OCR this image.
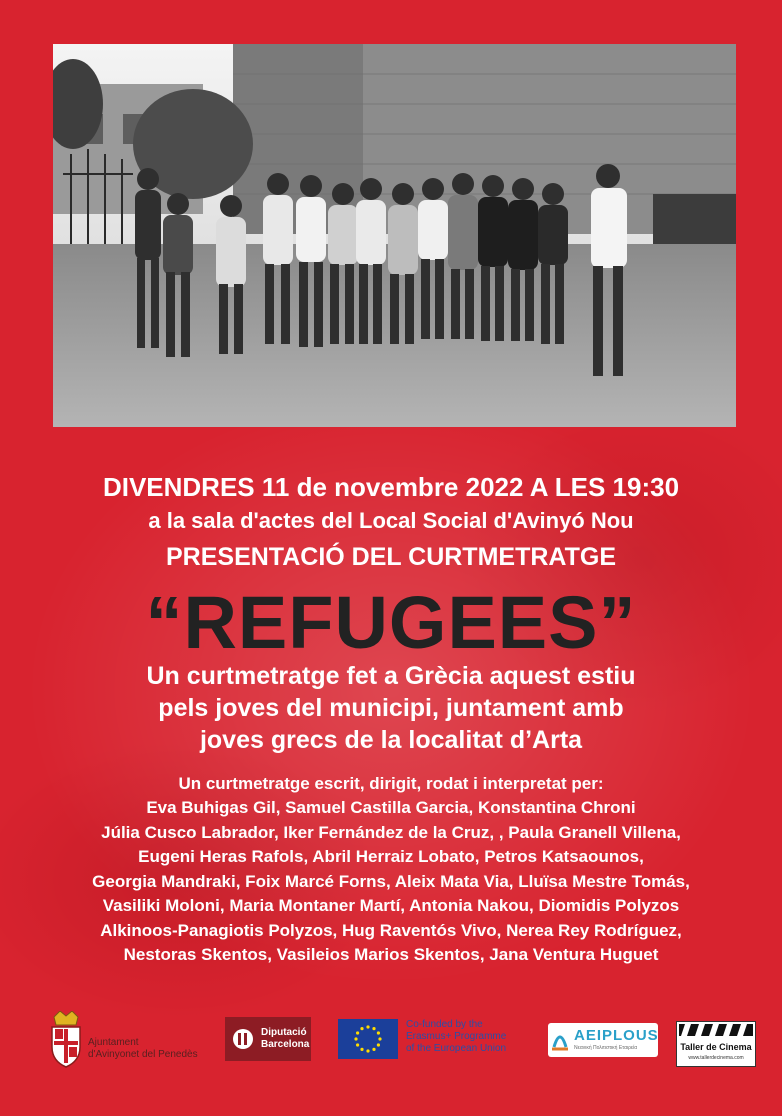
DIVENDRES 11 de novembre 2022 A LES 19:30
a la sala d'actes del Local Social d'Avinyó Nou
PRESENTACIÓ DEL CURTMETRATGE
“REFUGEES”
Un curtmetratge fet a Grècia aquest estiu
pels joves del municipi, juntament amb
joves grecs de la localitat d’Arta
Un curtmetratge escrit, dirigit, rodat i interpretat per:
Eva Buhigas Gil, Samuel Castilla Garcia, Konstantina Chroni
Júlia Cusco Labrador, Iker Fernández de la Cruz, , Paula Granell Villena,
Eugeni Heras Rafols, Abril Herraiz Lobato, Petros Katsaounos,
Georgia Mandraki, Foix Marcé Forns, Aleix Mata Via, Lluïsa Mestre Tomás,
Vasiliki Moloni, Maria Montaner Martí, Antonia Nakou, Diomidis Polyzos
Alkinoos-Panagiotis Polyzos, Hug Raventós Vivo, Nerea Rey Rodríguez,
Nestoras Skentos, Vasileios Marios Skentos, Jana Ventura Huguet
Ajuntament
d'Avinyonet del Penedès
Diputació
Barcelona
Co-funded by the
Erasmus+ Programme
of the European Union
AEIPLOUS
Νεανική Πολιτιστική Εταιρεία	Taller de Cinema
www.tallerdecinema.com
